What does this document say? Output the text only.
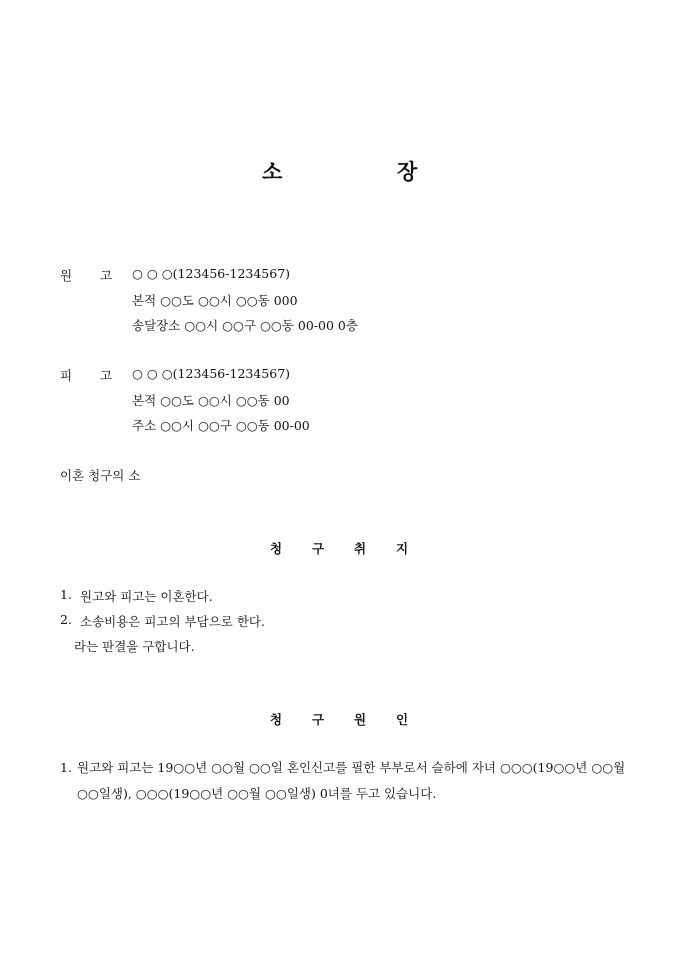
소	장
원 고 ○ ○ ○(123456-1234567)
본적 ○○도 ○○시 ○○동 000
송달장소 ○○시 ○○구 ○○동 00-00 0층
피 고 ○ ○ ○(123456-1234567)
본적 ○○도 ○○시 ○○동 00
주소 ○○시 ○○구 ○○동 00-00
이혼 청구의 소
청 구 취 지
1. 원고와 피고는 이혼한다.
2. 소송비용은 피고의 부담으로 한다.
라는 판결을 구합니다.
청 구 원 인
1. 원고와 피고는 19○○년 ○○월 ○○일 혼인신고를 필한 부부로서 슬하에 자녀 ○○○(19○○년 ○○월 ○○일생), ○○○(19○○년 ○○월 ○○일생) 0녀를 두고 있습니다.
